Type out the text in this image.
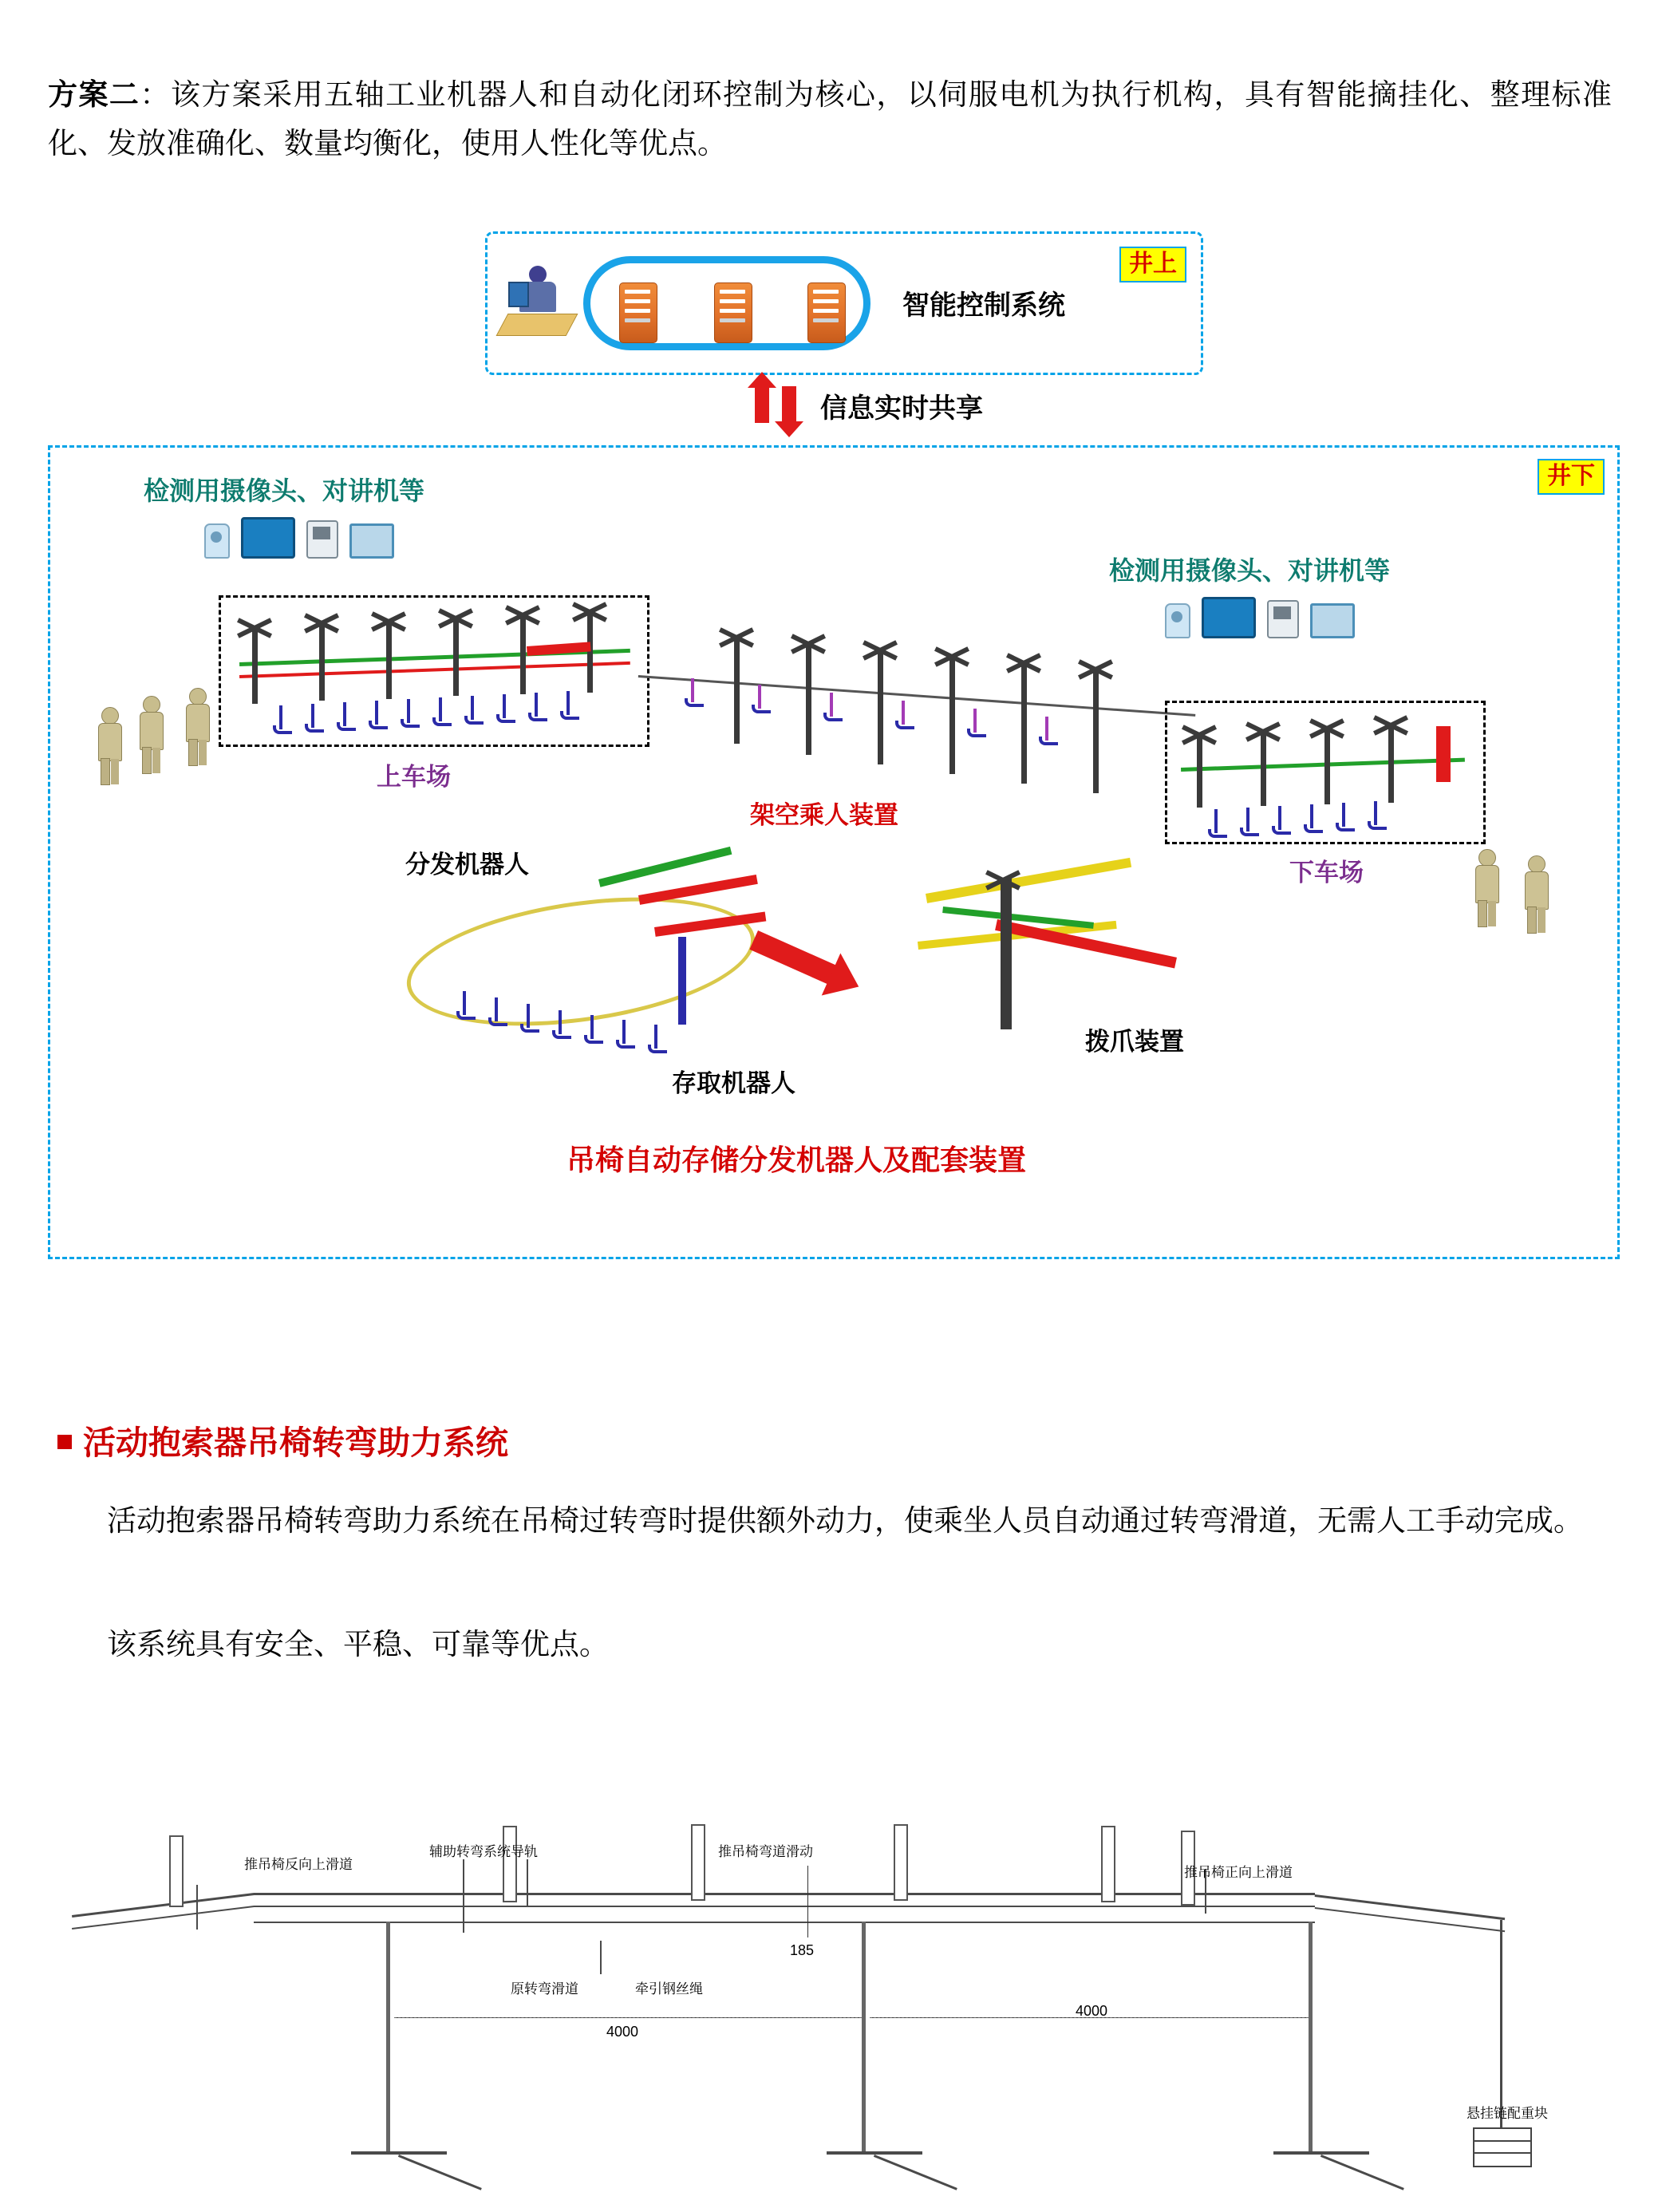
方案二：该方案采用五轴工业机器人和自动化闭环控制为核心，以伺服电机为执行机构，具有智能摘挂化、整理标准化、发放准确化、数量均衡化，使用人性化等优点。

井上
智能控制系统
信息实时共享
井下
检测用摄像头、对讲机等
检测用摄像头、对讲机等
上车场
架空乘人装置
下车场
分发机器人
存取机器人
拨爪装置
吊椅自动存储分发机器人及配套装置
活动抱索器吊椅转弯助力系统

活动抱索器吊椅转弯助力系统在吊椅过转弯时提供额外动力，使乘坐人员自动通过转弯滑道，无需人工手动完成。

该系统具有安全、平稳、可靠等优点。

185
4000
4000
推吊椅反向上滑道
辅助转弯系统导轨	推吊椅弯道滑动
推吊椅正向上滑道
原转弯滑道	牵引钢丝绳
悬挂链配重块
